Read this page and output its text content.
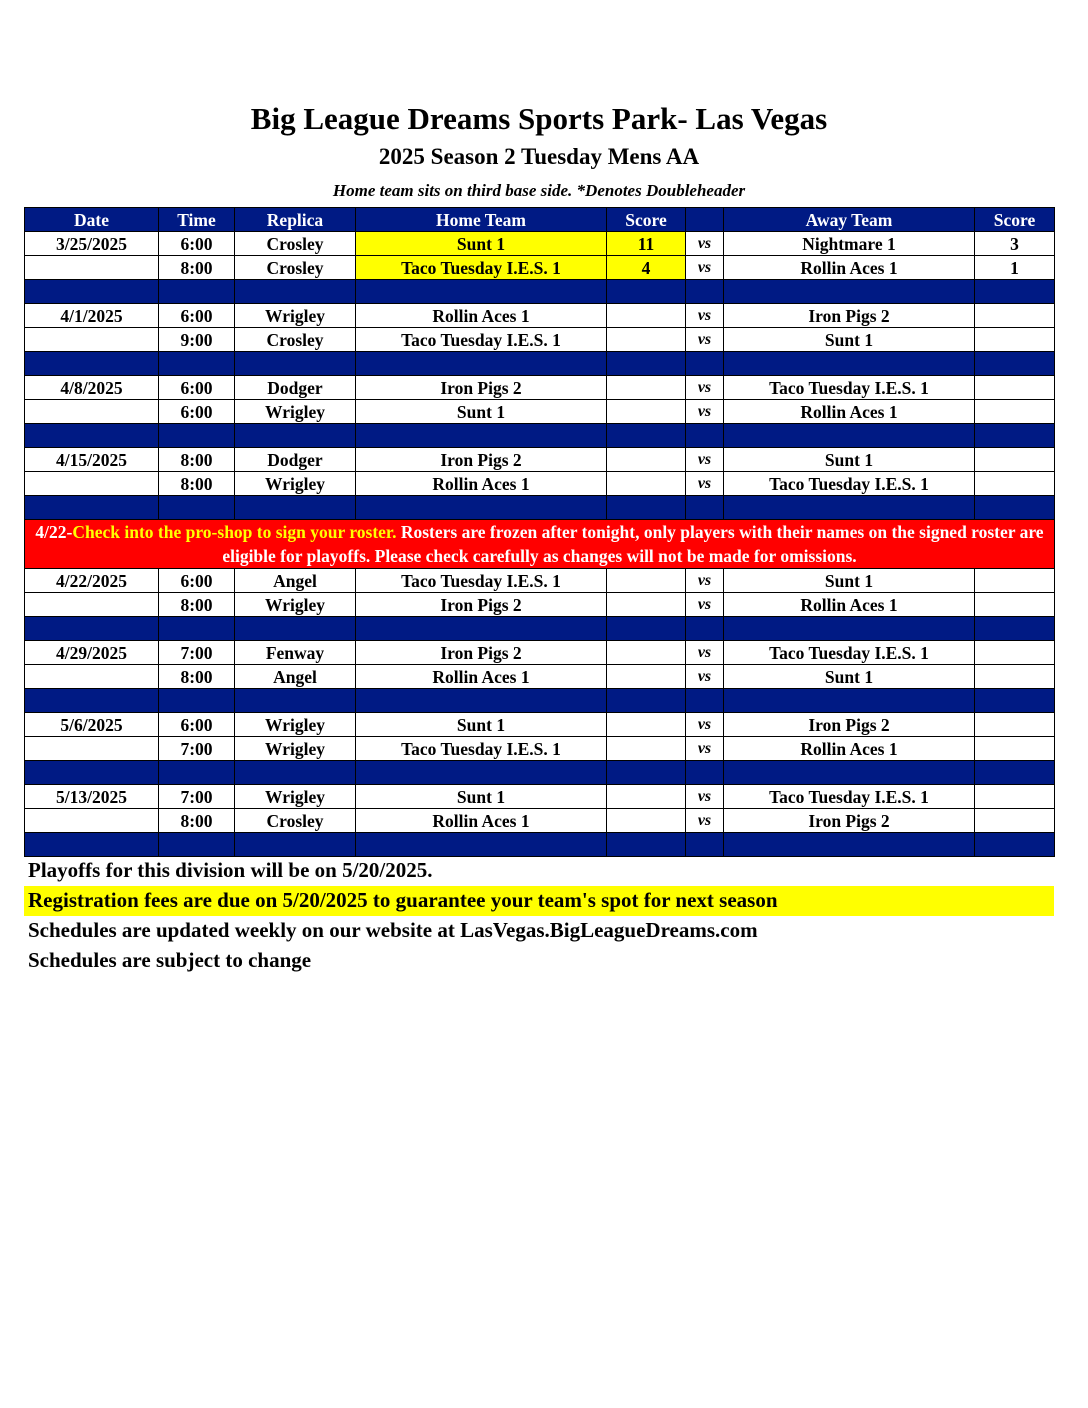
Big League Dreams Sports Park- Las Vegas
2025 Season 2 Tuesday Mens AA
Home team sits on third base side. *Denotes Doubleheader
Date	Time	Replica	Home Team	Score		Away Team	Score
3/25/2025	6:00	Crosley	Sunt 1	11	vs	Nightmare 1	3
	8:00	Crosley	Taco Tuesday I.E.S. 1	4	vs	Rollin Aces 1	1

4/1/2025	6:00	Wrigley	Rollin Aces 1		vs	Iron Pigs 2	
	9:00	Crosley	Taco Tuesday I.E.S. 1		vs	Sunt 1	

4/8/2025	6:00	Dodger	Iron Pigs 2		vs	Taco Tuesday I.E.S. 1	
	6:00	Wrigley	Sunt 1		vs	Rollin Aces 1	

4/15/2025	8:00	Dodger	Iron Pigs 2		vs	Sunt 1	
	8:00	Wrigley	Rollin Aces 1		vs	Taco Tuesday I.E.S. 1	

4/22-Check into the pro-shop to sign your roster. Rosters are frozen after tonight, only players with their names on the signed roster are eligible for playoffs. Please check carefully as changes will not be made for omissions.							
4/22/2025	6:00	Angel	Taco Tuesday I.E.S. 1		vs	Sunt 1	
	8:00	Wrigley	Iron Pigs 2		vs	Rollin Aces 1	

4/29/2025	7:00	Fenway	Iron Pigs 2		vs	Taco Tuesday I.E.S. 1	
	8:00	Angel	Rollin Aces 1		vs	Sunt 1	

5/6/2025	6:00	Wrigley	Sunt 1		vs	Iron Pigs 2	
	7:00	Wrigley	Taco Tuesday I.E.S. 1		vs	Rollin Aces 1	

5/13/2025	7:00	Wrigley	Sunt 1		vs	Taco Tuesday I.E.S. 1	
	8:00	Crosley	Rollin Aces 1		vs	Iron Pigs 2	

Playoffs for this division will be on 5/20/2025.
Registration fees are due on 5/20/2025 to guarantee your team's spot for next season
Schedules are updated weekly on our website at LasVegas.BigLeagueDreams.com
Schedules are subject to change
